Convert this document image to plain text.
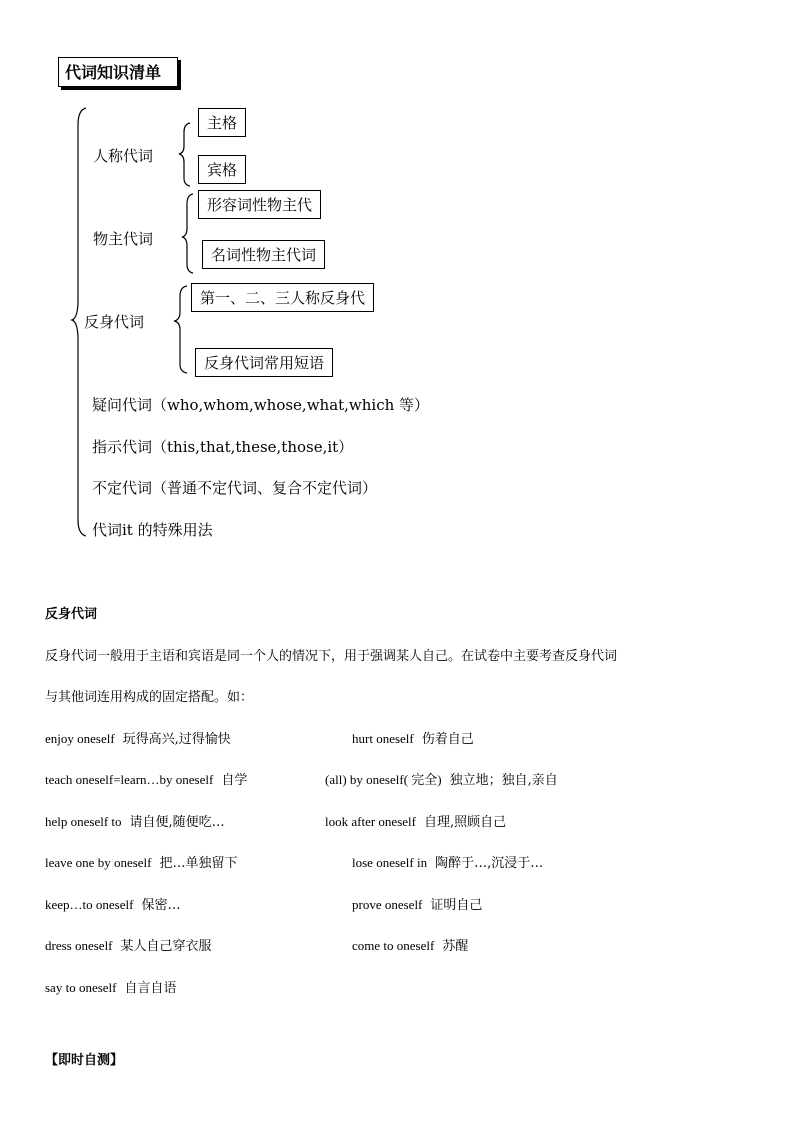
代词知识清单
人称代词
主格
宾格
物主代词
形容词性物主代
名词性物主代词
反身代词
第一、二、三人称反身代
反身代词常用短语
疑问代词（who,whom,whose,what,which 等）
指示代词（this,that,these,those,it）
不定代词（普通不定代词、复合不定代词）
代词it 的特殊用法
反身代词
反身代词一般用于主语和宾语是同一个人的情况下，用于强调某人自己。在试卷中主要考查反身代词
与其他词连用构成的固定搭配。如：
enjoy oneself 玩得高兴,过得愉快	hurt oneself 伤着自己
teach oneself=learn…by oneself 自学	(all) by oneself( 完全) 独立地；独自,亲自
help oneself to 请自便,随便吃…	look after oneself 自理,照顾自己
leave one by oneself 把…单独留下	lose oneself in 陶醉于…,沉浸于…
keep…to oneself 保密…	prove oneself 证明自己
dress oneself 某人自己穿衣服	come to oneself 苏醒
say to oneself 自言自语
【即时自测】
